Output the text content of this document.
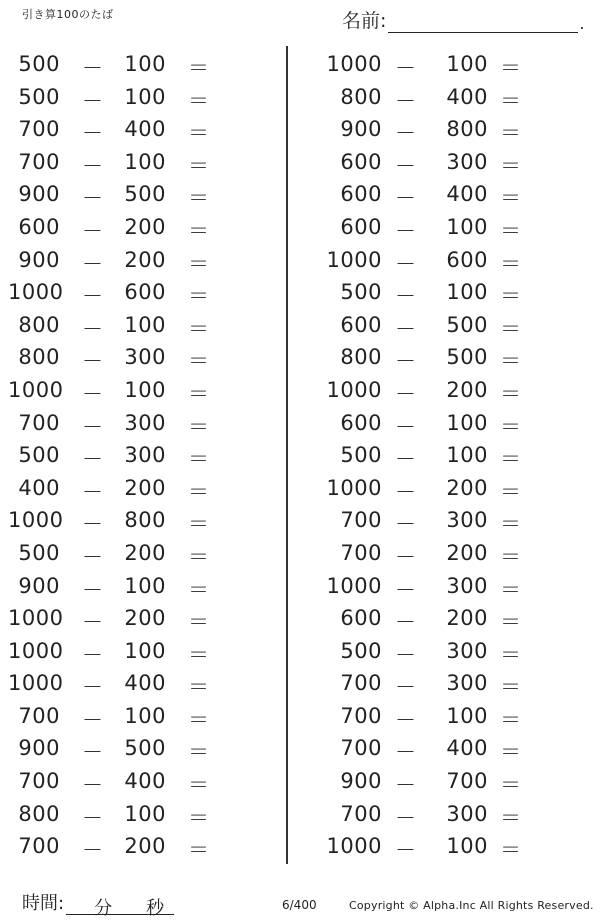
引き算100のたば	名前:	.
500 － 100 ＝
500 － 100 ＝
700 － 400 ＝
700 － 100 ＝
900 － 500 ＝
600 － 200 ＝
900 － 200 ＝
1000 － 600 ＝
800 － 100 ＝
800 － 300 ＝
1000 － 100 ＝
700 － 300 ＝
500 － 300 ＝
400 － 200 ＝
1000 － 800 ＝
500 － 200 ＝
900 － 100 ＝
1000 － 200 ＝
1000 － 100 ＝
1000 － 400 ＝
700 － 100 ＝
900 － 500 ＝
700 － 400 ＝
800 － 100 ＝
700 － 200 ＝
1000 －	100 ＝
800 －	400 ＝
900 －	800 ＝
600 －	300 ＝
600 －	400 ＝
600 －	100 ＝
1000 －	600 ＝
500 －	100 ＝
600 －	500 ＝
800 －	500 ＝
1000 －	200 ＝
600 －	100 ＝
500 －	100 ＝
1000 －	200 ＝
700 －	300 ＝
700 －	200 ＝
1000 －	300 ＝
600 －	200 ＝
500 －	300 ＝
700 －	300 ＝
700 －	100 ＝
700 －	400 ＝
900 －	700 ＝
700 －	300 ＝
1000 －	100 ＝
時間: 分 秒	6/400	Copyright © Alpha.Inc All Rights Reserved.
